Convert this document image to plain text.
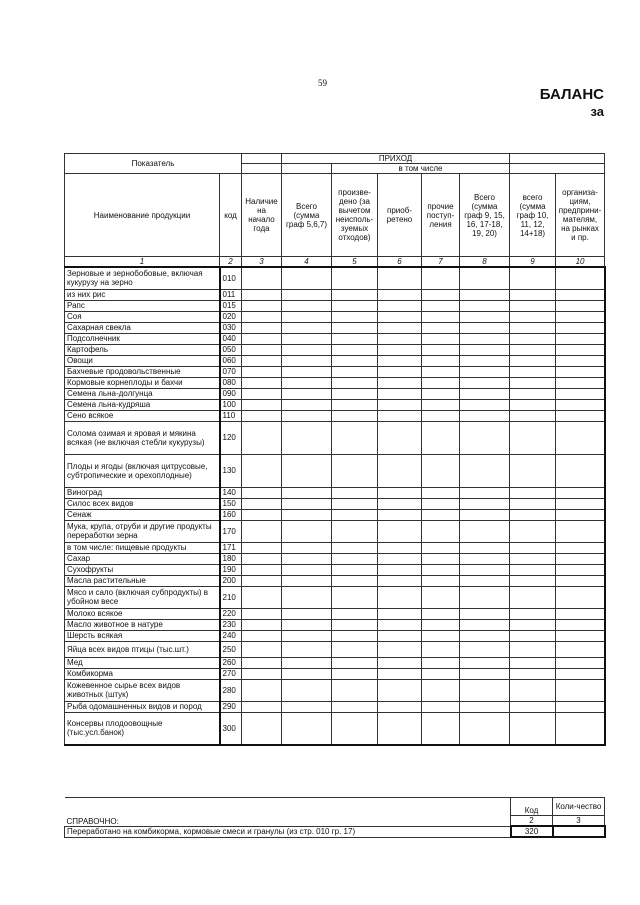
59
БАЛАНС
за
Показатель			ПРИХОД						
				в том числе					
Наименование продукции	код	Наличие на начало года	Всего (сумма граф 5,6,7)	произве-дено (за вычетом неисполь-зуемых отходов)	приоб-ретено	прочие поступ-ления	Всего (сумма граф 9, 15, 16, 17-18, 19, 20)	всего (сумма граф 10, 11, 12, 14+18)	организа-циям, предприни-мателям, на рынках и пр.
1	2	3	4	5	6	7	8	9	10
Зерновые и зернобобовые, включая кукурузу на зерно	010								
из них рис	011								
Рапс	015								
Соя	020								
Сахарная свекла	030								
Подсолнечник	040								
Картофель	050								
Овощи	060								
Бахчевые продовольственные	070								
Кормовые корнеплоды и бахчи	080								
Семена льна-долгунца	090								
Семена льна-кудряша	100								
Сено всякое	110								
Солома озимая и яровая и мякина всякая (не включая стебли кукурузы)	120								
Плоды и ягоды (включая цитрусовые, субтропические и орехоплодные)	130								
Виноград	140								
Силос всех видов	150								
Сенаж	160								
Мука, крупа, отруби и другие продукты переработки зерна	170								
в том числе: пищевые продукты	171								
Сахар	180								
Сухофрукты	190								
Масла растительные	200								
Мясо и сало (включая субпродукты) в убойном весе	210								
Молоко всякое	220								
Масло животное в натуре	230								
Шерсть всякая	240								
Яйца всех видов птицы (тыс.шт.)	250								
Мед	260								
Комбикорма	270								
Кожевенное сырье всех видов животных (штук)	280								
Рыба одомашненных видов и пород	290								
Консервы плодоовощные (тыс.усл.банок)	300								
	Код	Коли-чество
СПРАВОЧНО:	2	3
Переработано на комбикорма, кормовые смеси и гранулы (из стр. 010 гр. 17)	320	
